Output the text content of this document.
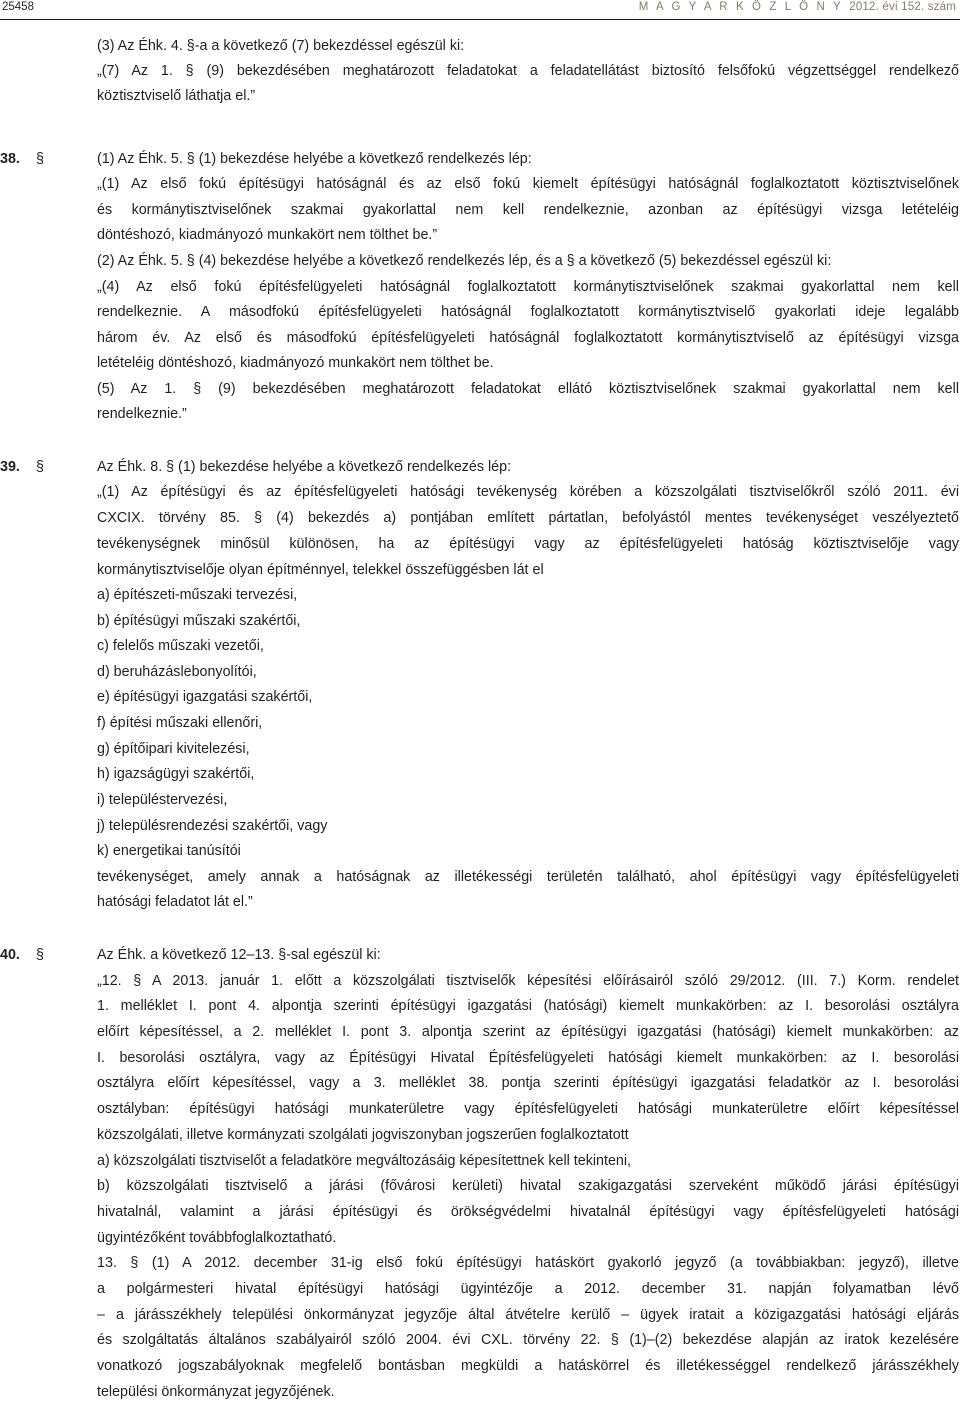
25458	M A G Y A R K Ö Z L Ö N Y 2012. évi 152. szám
(3) Az Éhk. 4. §-a a következő (7) bekezdéssel egészül ki:
„(7) Az 1. § (9) bekezdésében meghatározott feladatokat a feladatellátást biztosító felsőfokú végzettséggel rendelkező
köztisztviselő láthatja el.”
38. §	(1) Az Éhk. 5. § (1) bekezdése helyébe a következő rendelkezés lép:
„(1) Az első fokú építésügyi hatóságnál és az első fokú kiemelt építésügyi hatóságnál foglalkoztatott köztisztviselőnek
és kormánytisztviselőnek szakmai gyakorlattal nem kell rendelkeznie, azonban az építésügyi vizsga letételéig
döntéshozó, kiadmányozó munkakört nem tölthet be.”
(2) Az Éhk. 5. § (4) bekezdése helyébe a következő rendelkezés lép, és a § a következő (5) bekezdéssel egészül ki:
„(4) Az első fokú építésfelügyeleti hatóságnál foglalkoztatott kormánytisztviselőnek szakmai gyakorlattal nem kell
rendelkeznie. A másodfokú építésfelügyeleti hatóságnál foglalkoztatott kormánytisztviselő gyakorlati ideje legalább
három év. Az első és másodfokú építésfelügyeleti hatóságnál foglalkoztatott kormánytisztviselő az építésügyi vizsga
letételéig döntéshozó, kiadmányozó munkakört nem tölthet be.
(5) Az 1. § (9) bekezdésében meghatározott feladatokat ellátó köztisztviselőnek szakmai gyakorlattal nem kell
rendelkeznie.”
39. §	Az Éhk. 8. § (1) bekezdése helyébe a következő rendelkezés lép:
„(1) Az építésügyi és az építésfelügyeleti hatósági tevékenység körében a közszolgálati tisztviselőkről szóló 2011. évi
CXCIX. törvény 85. § (4) bekezdés a) pontjában említett pártatlan, befolyástól mentes tevékenységet veszélyeztető
tevékenységnek minősül különösen, ha az építésügyi vagy az építésfelügyeleti hatóság köztisztviselője vagy
kormánytisztviselője olyan építménnyel, telekkel összefüggésben lát el
a) építészeti-műszaki tervezési,
b) építésügyi műszaki szakértői,
c) felelős műszaki vezetői,
d) beruházáslebonyolítói,
e) építésügyi igazgatási szakértői,
f) építési műszaki ellenőri,
g) építőipari kivitelezési,
h) igazságügyi szakértői,
i) településtervezési,
j) településrendezési szakértői, vagy
k) energetikai tanúsítói
tevékenységet, amely annak a hatóságnak az illetékességi területén található, ahol építésügyi vagy építésfelügyeleti
hatósági feladatot lát el.”
40. §	Az Éhk. a következő 12–13. §-sal egészül ki:
„12. § A 2013. január 1. előtt a közszolgálati tisztviselők képesítési előírásairól szóló 29/2012. (III. 7.) Korm. rendelet
1. melléklet I. pont 4. alpontja szerinti építésügyi igazgatási (hatósági) kiemelt munkakörben: az I. besorolási osztályra
előírt képesítéssel, a 2. melléklet I. pont 3. alpontja szerint az építésügyi igazgatási (hatósági) kiemelt munkakörben: az
I. besorolási osztályra, vagy az Építésügyi Hivatal Építésfelügyeleti hatósági kiemelt munkakörben: az I. besorolási
osztályra előírt képesítéssel, vagy a 3. melléklet 38. pontja szerinti építésügyi igazgatási feladatkör az I. besorolási
osztályban: építésügyi hatósági munkaterületre vagy építésfelügyeleti hatósági munkaterületre előírt képesítéssel
közszolgálati, illetve kormányzati szolgálati jogviszonyban jogszerűen foglalkoztatott
a) közszolgálati tisztviselőt a feladatköre megváltozásáig képesítettnek kell tekinteni,
b) közszolgálati tisztviselő a járási (fővárosi kerületi) hivatal szakigazgatási szerveként működő járási építésügyi
hivatalnál, valamint a járási építésügyi és örökségvédelmi hivatalnál építésügyi vagy építésfelügyeleti hatósági
ügyintézőként továbbfoglalkoztatható.
13. § (1) A 2012. december 31-ig első fokú építésügyi hatáskört gyakorló jegyző (a továbbiakban: jegyző), illetve
a polgármesteri hivatal építésügyi hatósági ügyintézője a 2012. december 31. napján folyamatban lévő
– a járásszékhely települési önkormányzat jegyzője által átvételre kerülő – ügyek iratait a közigazgatási hatósági eljárás
és szolgáltatás általános szabályairól szóló 2004. évi CXL. törvény 22. § (1)–(2) bekezdése alapján az iratok kezelésére
vonatkozó jogszabályoknak megfelelő bontásban megküldi a hatáskörrel és illetékességgel rendelkező járásszékhely
települési önkormányzat jegyzőjének.
